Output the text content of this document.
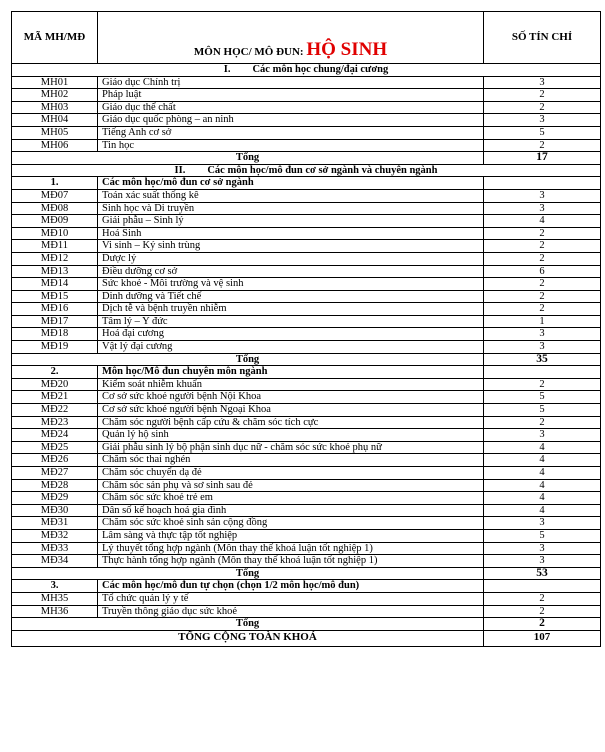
MÃ MH/MĐ	MÔN HỌC/ MÔ ĐUN: HỘ SINH	SỐ TÍN CHỈ
I. Các môn học chung/đại cương		
MH01	Giáo dục Chính trị	3
MH02	Pháp luật	2
MH03	Giáo dục thể chất	2
MH04	Giáo dục quốc phòng – an ninh	3
MH05	Tiếng Anh cơ sở	5
MH06	Tin học	2
Tổng		17
II. Các môn học/mô đun cơ sở ngành và chuyên ngành		
1.	Các môn học/mô đun cơ sở ngành	
MĐ07	Toán xác suất thống kê	3
MĐ08	Sinh học và Di truyền	3
MĐ09	Giải phẫu – Sinh lý	4
MĐ10	Hoá Sinh	2
MĐ11	Vi sinh – Ký sinh trùng	2
MĐ12	Dược lý	2
MĐ13	Điều dưỡng cơ sở	6
MĐ14	Sức khoẻ - Môi trường và vệ sinh	2
MĐ15	Dinh dưỡng và Tiết chế	2
MĐ16	Dịch tễ và bệnh truyền nhiễm	2
MĐ17	Tâm lý – Y đức	1
MĐ18	Hoá đại cương	3
MĐ19	Vật lý đại cương	3
Tổng		35
2.	Môn học/Mô đun chuyên môn ngành	
MĐ20	Kiểm soát nhiễm khuẩn	2
MĐ21	Cơ sở sức khoẻ người bệnh Nội Khoa	5
MĐ22	Cơ sở sức khoẻ người bệnh Ngoại Khoa	5
MĐ23	Chăm sóc người bệnh cấp cứu & chăm sóc tích cực	2
MĐ24	Quản lý hộ sinh	3
MĐ25	Giải phẫu sinh lý bộ phận sinh dục nữ - chăm sóc sức khoẻ phụ nữ	4
MĐ26	Chăm sóc thai nghén	4
MĐ27	Chăm sóc chuyển dạ đẻ	4
MĐ28	Chăm sóc sản phụ và sơ sinh sau đẻ	4
MĐ29	Chăm sóc sức khoẻ trẻ em	4
MĐ30	Dân số kế hoạch hoá gia đình	4
MĐ31	Chăm sóc sức khoẻ sinh sản cộng đồng	3
MĐ32	Lâm sàng và thực tập tốt nghiệp	5
MĐ33	Lý thuyết tổng hợp ngành (Môn thay thế khoá luận tốt nghiệp 1)	3
MĐ34	Thực hành tổng hợp ngành (Môn thay thế khoá luận tốt nghiệp 1)	3
Tổng		53
3.	Các môn học/mô đun tự chọn (chọn 1/2 môn học/mô đun)	
MH35	Tổ chức quản lý y tế	2
MH36	Truyền thông giáo dục sức khoẻ	2
Tổng		2
TỔNG CỘNG TOÀN KHOÁ		107
